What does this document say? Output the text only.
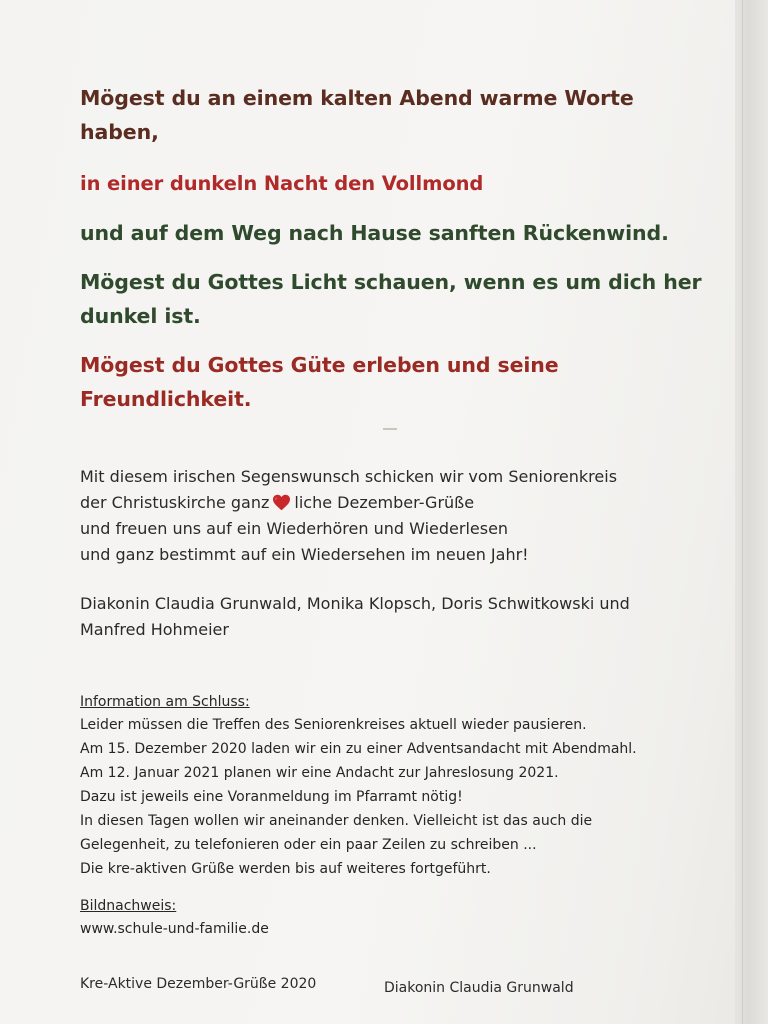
Mögest du an einem kalten Abend warme Worte
haben,
in einer dunkeln Nacht den Vollmond
und auf dem Weg nach Hause sanften Rückenwind.
Mögest du Gottes Licht schauen, wenn es um dich her
dunkel ist.
Mögest du Gottes Güte erleben und seine
Freundlichkeit.
Mit diesem irischen Segenswunsch schicken wir vom Seniorenkreis
der Christuskirche ganz liche Dezember-Grüße
und freuen uns auf ein Wiederhören und Wiederlesen
und ganz bestimmt auf ein Wiedersehen im neuen Jahr!
Diakonin Claudia Grunwald, Monika Klopsch, Doris Schwitkowski und
Manfred Hohmeier
Information am Schluss:
Leider müssen die Treffen des Seniorenkreises aktuell wieder pausieren.
Am 15. Dezember 2020 laden wir ein zu einer Adventsandacht mit Abendmahl.
Am 12. Januar 2021 planen wir eine Andacht zur Jahreslosung 2021.
Dazu ist jeweils eine Voranmeldung im Pfarramt nötig!
In diesen Tagen wollen wir aneinander denken. Vielleicht ist das auch die
Gelegenheit, zu telefonieren oder ein paar Zeilen zu schreiben ...
Die kre-aktiven Grüße werden bis auf weiteres fortgeführt.
Bildnachweis:
www.schule-und-familie.de
Kre-Aktive Dezember-Grüße 2020	Diakonin Claudia Grunwald
